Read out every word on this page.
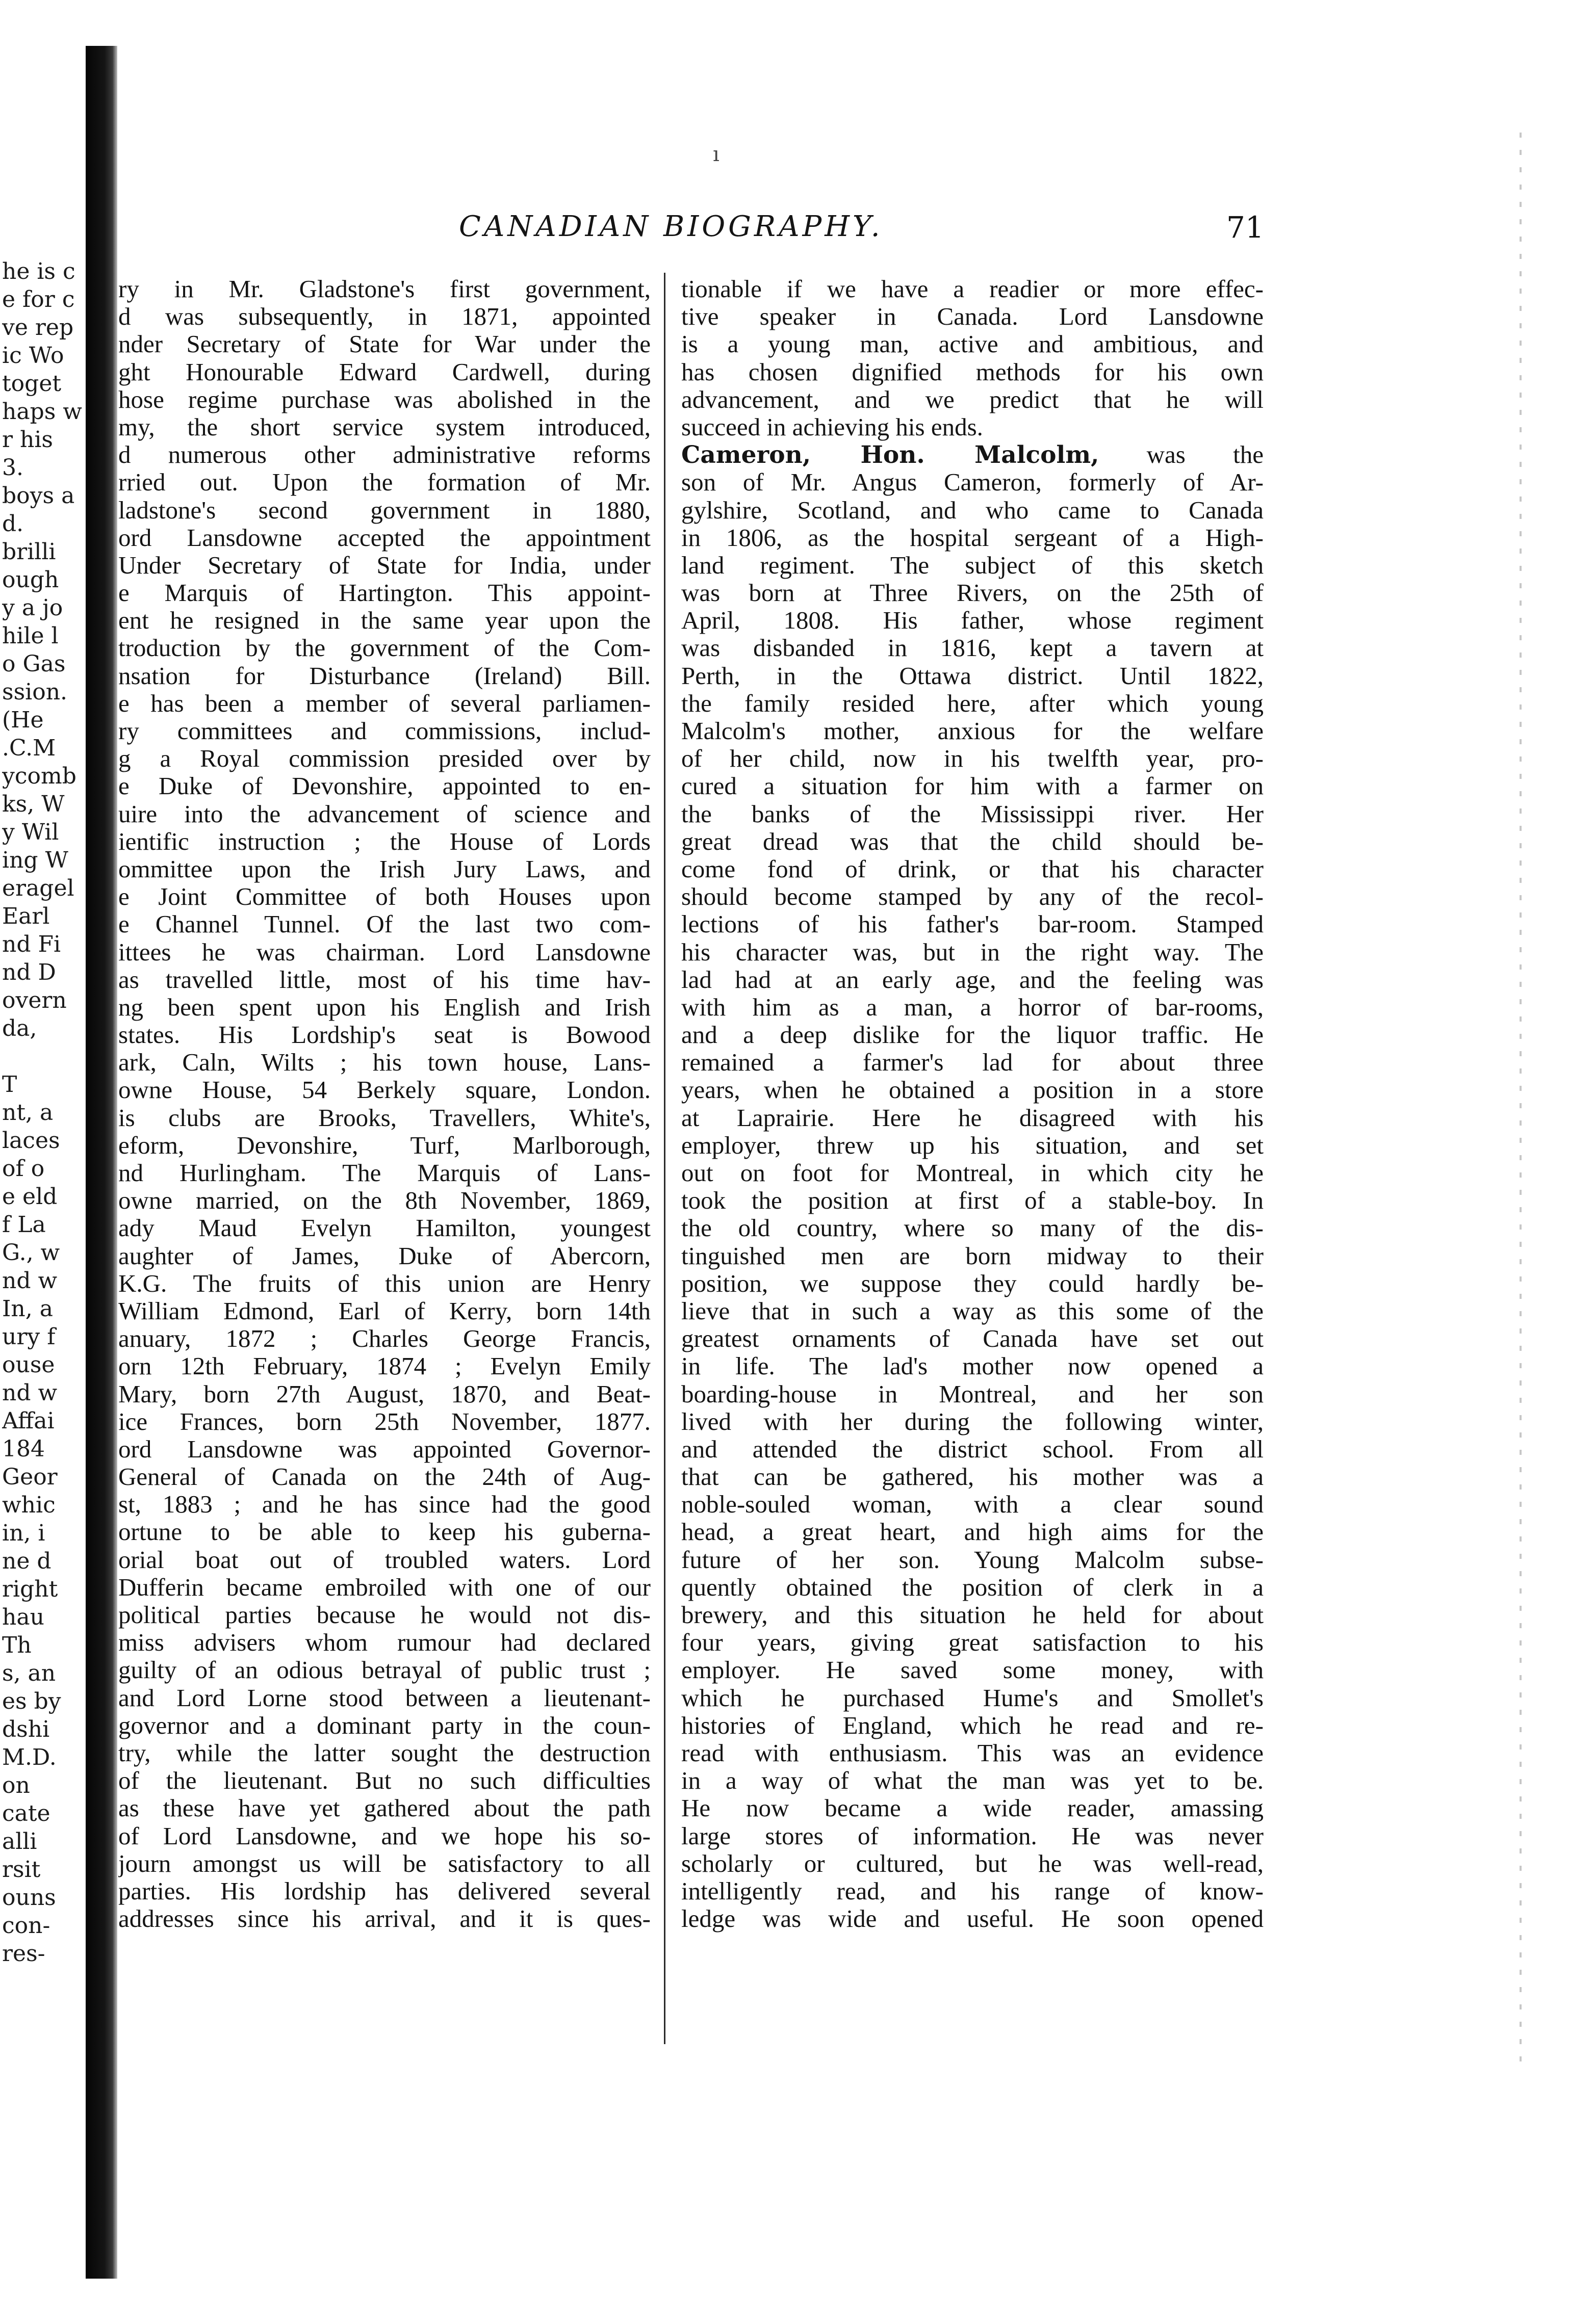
ı
he is c
e for c
ve rep
ic Wo
toget
haps w
r his
3.
boys a
d.
brilli
ough
y a jo
hile l
o Gas
ssion.
(He
.C.M
ycomb
ks, W
y Wil
ing W
eragel
Earl
nd Fi
nd D
overn
da,
T
nt, a
laces
of o
e eld
f La
G., w
nd w
In, a
ury f
ouse
nd w
Affai
184
Geor
whic
in, i
ne d
right
hau
Th
s, an
es by
dshi
M.D.
on
cate
alli
rsit
ouns
con-
res-
CANADIAN BIOGRAPHY.	71
ry in Mr. Gladstone's first government,
d was subsequently, in 1871, appointed
nder Secretary of State for War under the
ght Honourable Edward Cardwell, during
hose regime purchase was abolished in the
my, the short service system introduced,
d numerous other administrative reforms
rried out. Upon the formation of Mr.
ladstone's second government in 1880,
ord Lansdowne accepted the appointment
Under Secretary of State for India, under
e Marquis of Hartington. This appoint-
ent he resigned in the same year upon the
troduction by the government of the Com-
nsation for Disturbance (Ireland) Bill.
e has been a member of several parliamen-
ry committees and commissions, includ-
g a Royal commission presided over by
e Duke of Devonshire, appointed to en-
uire into the advancement of science and
ientific instruction ; the House of Lords
ommittee upon the Irish Jury Laws, and
e Joint Committee of both Houses upon
e Channel Tunnel. Of the last two com-
ittees he was chairman. Lord Lansdowne
as travelled little, most of his time hav-
ng been spent upon his English and Irish
states. His Lordship's seat is Bowood
ark, Caln, Wilts ; his town house, Lans-
owne House, 54 Berkely square, London.
is clubs are Brooks, Travellers, White's,
eform, Devonshire, Turf, Marlborough,
nd Hurlingham. The Marquis of Lans-
owne married, on the 8th November, 1869,
ady Maud Evelyn Hamilton, youngest
aughter of James, Duke of Abercorn,
K.G. The fruits of this union are Henry
William Edmond, Earl of Kerry, born 14th
anuary, 1872 ; Charles George Francis,
orn 12th February, 1874 ; Evelyn Emily
Mary, born 27th August, 1870, and Beat-
ice Frances, born 25th November, 1877.
ord Lansdowne was appointed Governor-
General of Canada on the 24th of Aug-
st, 1883 ; and he has since had the good
ortune to be able to keep his guberna-
orial boat out of troubled waters. Lord
Dufferin became embroiled with one of our
political parties because he would not dis-
miss advisers whom rumour had declared
guilty of an odious betrayal of public trust ;
and Lord Lorne stood between a lieutenant-
governor and a dominant party in the coun-
try, while the latter sought the destruction
of the lieutenant. But no such difficulties
as these have yet gathered about the path
of Lord Lansdowne, and we hope his so-
journ amongst us will be satisfactory to all
parties. His lordship has delivered several
addresses since his arrival, and it is ques-
tionable if we have a readier or more effec-
tive speaker in Canada. Lord Lansdowne
is a young man, active and ambitious, and
has chosen dignified methods for his own
advancement, and we predict that he will
succeed in achieving his ends.
Cameron, Hon. Malcolm, was the
son of Mr. Angus Cameron, formerly of Ar-
gylshire, Scotland, and who came to Canada
in 1806, as the hospital sergeant of a High-
land regiment. The subject of this sketch
was born at Three Rivers, on the 25th of
April, 1808. His father, whose regiment
was disbanded in 1816, kept a tavern at
Perth, in the Ottawa district. Until 1822,
the family resided here, after which young
Malcolm's mother, anxious for the welfare
of her child, now in his twelfth year, pro-
cured a situation for him with a farmer on
the banks of the Mississippi river. Her
great dread was that the child should be-
come fond of drink, or that his character
should become stamped by any of the recol-
lections of his father's bar-room. Stamped
his character was, but in the right way. The
lad had at an early age, and the feeling was
with him as a man, a horror of bar-rooms,
and a deep dislike for the liquor traffic. He
remained a farmer's lad for about three
years, when he obtained a position in a store
at Laprairie. Here he disagreed with his
employer, threw up his situation, and set
out on foot for Montreal, in which city he
took the position at first of a stable-boy. In
the old country, where so many of the dis-
tinguished men are born midway to their
position, we suppose they could hardly be-
lieve that in such a way as this some of the
greatest ornaments of Canada have set out
in life. The lad's mother now opened a
boarding-house in Montreal, and her son
lived with her during the following winter,
and attended the district school. From all
that can be gathered, his mother was a
noble-souled woman, with a clear sound
head, a great heart, and high aims for the
future of her son. Young Malcolm subse-
quently obtained the position of clerk in a
brewery, and this situation he held for about
four years, giving great satisfaction to his
employer. He saved some money, with
which he purchased Hume's and Smollet's
histories of England, which he read and re-
read with enthusiasm. This was an evidence
in a way of what the man was yet to be.
He now became a wide reader, amassing
large stores of information. He was never
scholarly or cultured, but he was well-read,
intelligently read, and his range of know-
ledge was wide and useful. He soon opened
